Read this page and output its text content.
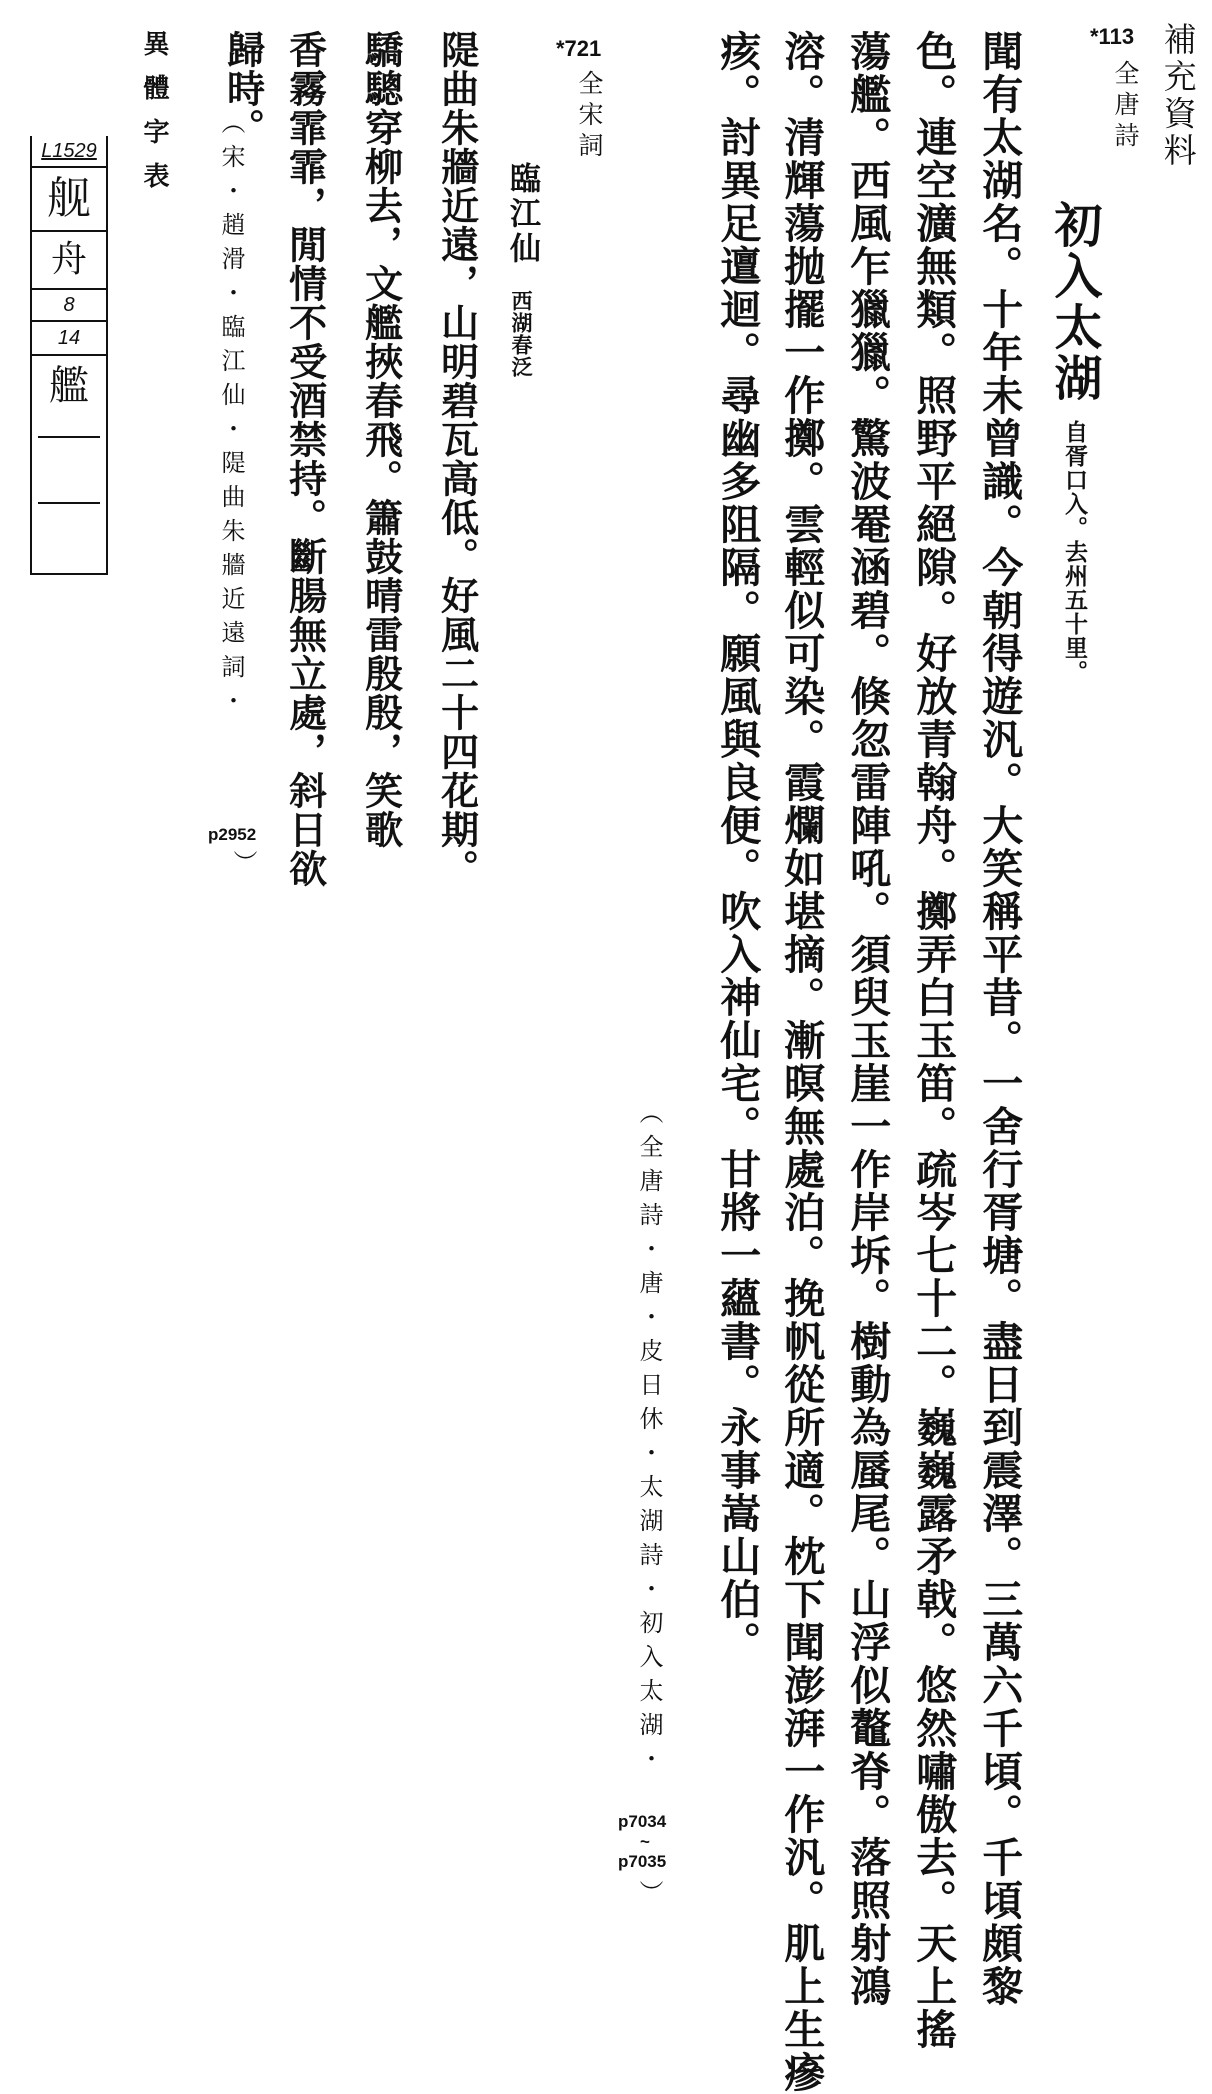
*113 補充資料
全唐詩
初入太湖
自胥口入。去州五十里。
聞有太湖名。十年未曾識。今朝得遊汎。大笑稱平昔。一舍行胥塘。盡日到震澤。三萬六千頃。千頃頗黎
色。連空瀇無類。照野平絕隙。好放青翰舟。擲弄白玉笛。疏岑七十二。巍巍露矛戟。悠然嘯傲去。天上搖
蕩艦。西風乍獵獵。驚波罨涵碧。倏忽雷陣吼。須臾玉崖一作岸坼。樹動為蜃尾。山浮似鼇脊。落照射鴻
溶。清輝蕩抛擺一作擲。雲輕似可染。霞爛如堪摘。漸暝無處泊。挽帆從所適。枕下聞澎湃一作汎。肌上生瘮
痎。討異足邅迴。尋幽多阻隔。願風與良便。吹入神仙宅。甘將一蘊書。永事嵩山伯。
（全唐詩・唐・皮日休・太湖詩・初入太湖・
p7034
~
p7035
）
*721
全宋詞
臨江仙
西湖春泛
隄曲朱牆近遠，山明碧瓦高低。好風二十四花期。
驕驄穿柳去，文艦挾春飛。簫鼓晴雷殷殷，笑歌
香霧霏霏，閒情不受酒禁持。斷腸無立處，斜日欲
歸時。
（宋・趙滑・臨江仙・隄曲朱牆近遠詞・
p2952
）
異體字表
L1529
舰
舟
8
14
艦
